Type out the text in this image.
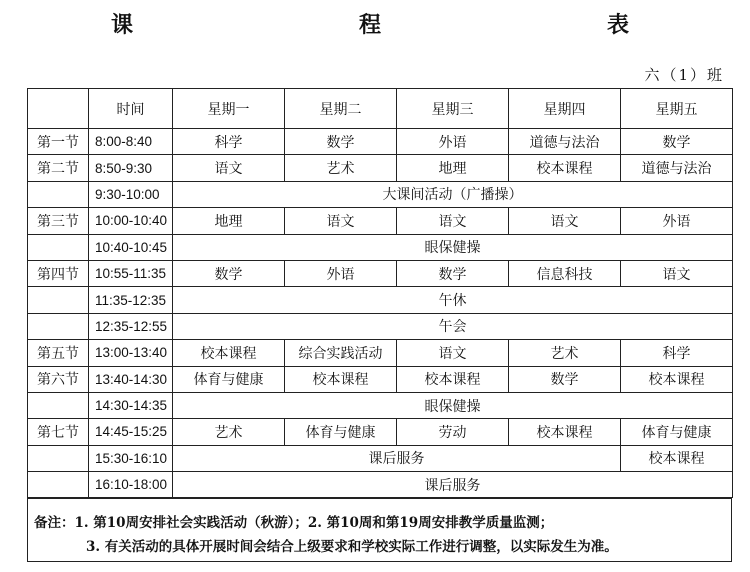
课　　　程　　　表
六（1）班
	时间	星期一	星期二	星期三	星期四	星期五
第一节	8:00-8:40	科学	数学	外语	道德与法治	数学
第二节	8:50-9:30	语文	艺术	地理	校本课程	道德与法治
	9:30-10:00	大课间活动（广播操）				
第三节	10:00-10:40	地理	语文	语文	语文	外语
	10:40-10:45	眼保健操				
第四节	10:55-11:35	数学	外语	数学	信息科技	语文
	11:35-12:35	午休				
	12:35-12:55	午会				
第五节	13:00-13:40	校本课程	综合实践活动	语文	艺术	科学
第六节	13:40-14:30	体育与健康	校本课程	校本课程	数学	校本课程
	14:30-14:35	眼保健操				
第七节	14:45-15:25	艺术	体育与健康	劳动	校本课程	体育与健康
	15:30-16:10	课后服务				校本课程
	16:10-18:00	课后服务				
备注：1. 第10周安排社会实践活动（秋游）；2. 第10周和第19周安排教学质量监测；
3. 有关活动的具体开展时间会结合上级要求和学校实际工作进行调整，以实际发生为准。
